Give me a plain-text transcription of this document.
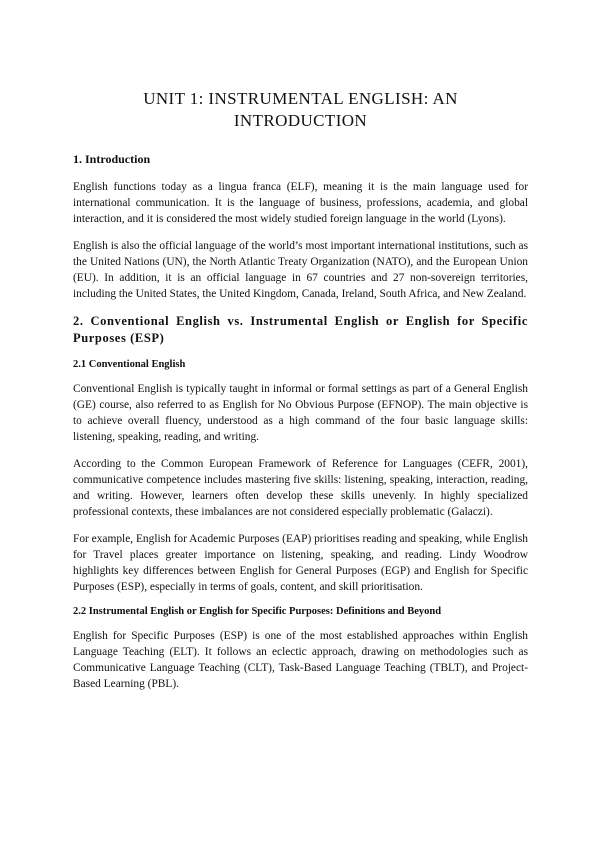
UNIT 1: INSTRUMENTAL ENGLISH: AN
INTRODUCTION
1. Introduction

English functions today as a lingua franca (ELF), meaning it is the main language used for international communication. It is the language of business, professions, academia, and global interaction, and it is considered the most widely studied foreign language in the world (Lyons).

English is also the official language of the world’s most important international institutions, such as the United Nations (UN), the North Atlantic Treaty Organization (NATO), and the European Union (EU). In addition, it is an official language in 67 countries and 27 non-sovereign territories, including the United States, the United Kingdom, Canada, Ireland, South Africa, and New Zealand.

2. Conventional English vs. Instrumental English or English for Specific Purposes (ESP)
2.1 Conventional English

Conventional English is typically taught in informal or formal settings as part of a General English (GE) course, also referred to as English for No Obvious Purpose (EFNOP). The main objective is to achieve overall fluency, understood as a high command of the four basic language skills: listening, speaking, reading, and writing.

According to the Common European Framework of Reference for Languages (CEFR, 2001), communicative competence includes mastering five skills: listening, speaking, interaction, reading, and writing. However, learners often develop these skills unevenly. In highly specialized professional contexts, these imbalances are not considered especially problematic (Galaczi).

For example, English for Academic Purposes (EAP) prioritises reading and speaking, while English for Travel places greater importance on listening, speaking, and reading. Lindy Woodrow highlights key differences between English for General Purposes (EGP) and English for Specific Purposes (ESP), especially in terms of goals, content, and skill prioritisation.

2.2 Instrumental English or English for Specific Purposes: Definitions and Beyond

English for Specific Purposes (ESP) is one of the most established approaches within English Language Teaching (ELT). It follows an eclectic approach, drawing on methodologies such as Communicative Language Teaching (CLT), Task-Based Language Teaching (TBLT), and Project-Based Learning (PBL).
